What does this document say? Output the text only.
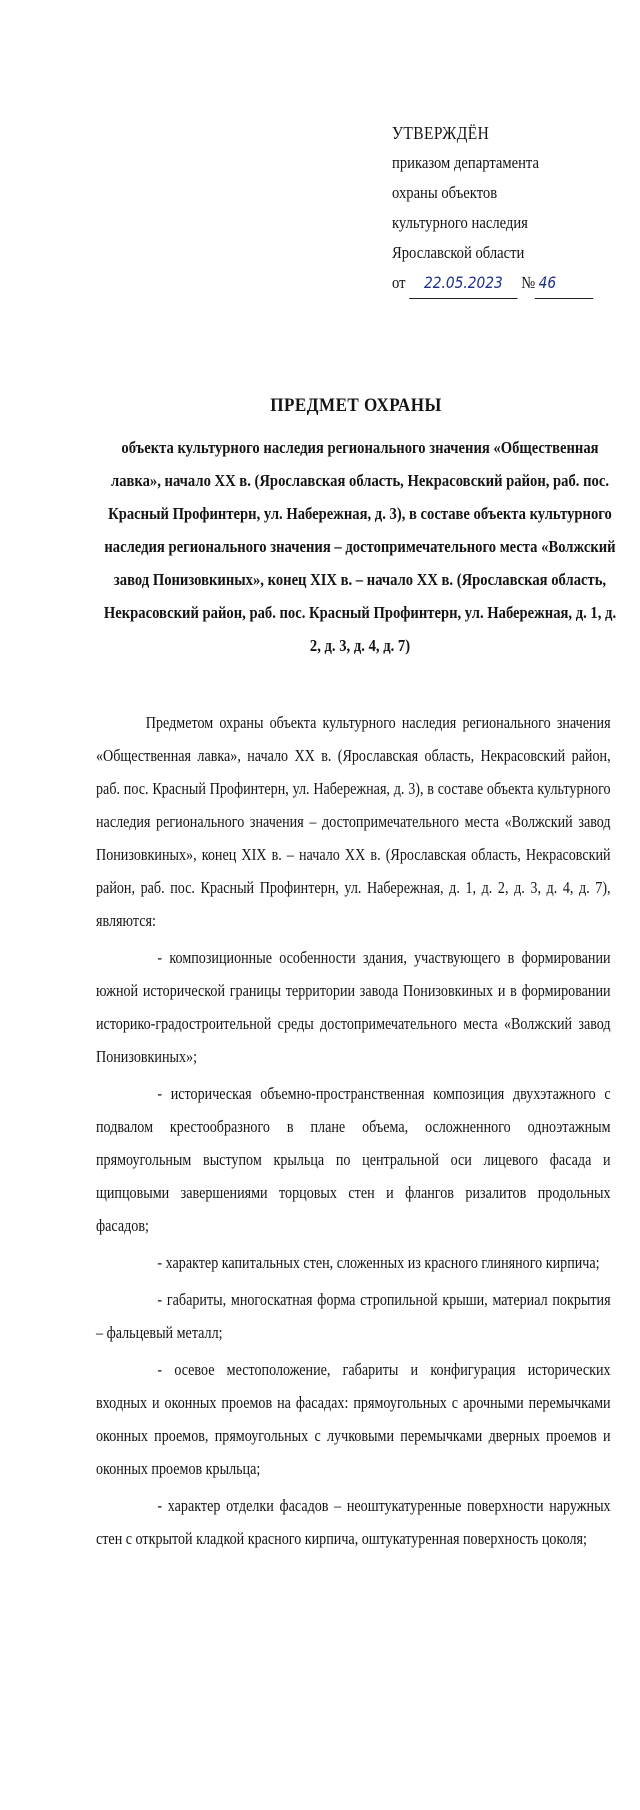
УТВЕРЖДЁН
приказом департамента
охраны объектов
культурного наследия
Ярославской области
от 22.05.2023 № 46
ПРЕДМЕТ ОХРАНЫ
объекта культурного наследия регионального значения «Общественная лавка», начало XX в. (Ярославская область, Некрасовский район, раб. пос. Красный Профинтерн, ул. Набережная, д. 3), в составе объекта культурного наследия регионального значения – достопримечательного места «Волжский завод Понизовкиных», конец XIX в. – начало XX в. (Ярославская область, Некрасовский район, раб. пос. Красный Профинтерн, ул. Набережная, д. 1, д. 2, д. 3, д. 4, д. 7)

Предметом охраны объекта культурного наследия регионального значения «Общественная лавка», начало XX в. (Ярославская область, Некрасовский район, раб. пос. Красный Профинтерн, ул. Набережная, д. 3), в составе объекта культурного наследия регионального значения – достопримечательного места «Волжский завод Понизовкиных», конец XIX в. – начало XX в. (Ярославская область, Некрасовский район, раб. пос. Красный Профинтерн, ул. Набережная, д. 1, д. 2, д. 3, д. 4, д. 7), являются:

- композиционные особенности здания, участвующего в формировании южной исторической границы территории завода Понизовкиных и в формировании историко-градостроительной среды достопримечательного места «Волжский завод Понизовкиных»;

- историческая объемно-пространственная композиция двухэтажного с подвалом крестообразного в плане объема, осложненного одноэтажным прямоугольным выступом крыльца по центральной оси лицевого фасада и щипцовыми завершениями торцовых стен и флангов ризалитов продольных фасадов;

- характер капитальных стен, сложенных из красного глиняного кирпича;

- габариты, многоскатная форма стропильной крыши, материал покрытия – фальцевый металл;

- осевое местоположение, габариты и конфигурация исторических входных и оконных проемов на фасадах: прямоугольных с арочными перемычками оконных проемов, прямоугольных с лучковыми перемычками дверных проемов и оконных проемов крыльца;

- характер отделки фасадов – неоштукатуренные поверхности наружных стен с открытой кладкой красного кирпича, оштукатуренная поверхность цоколя;
